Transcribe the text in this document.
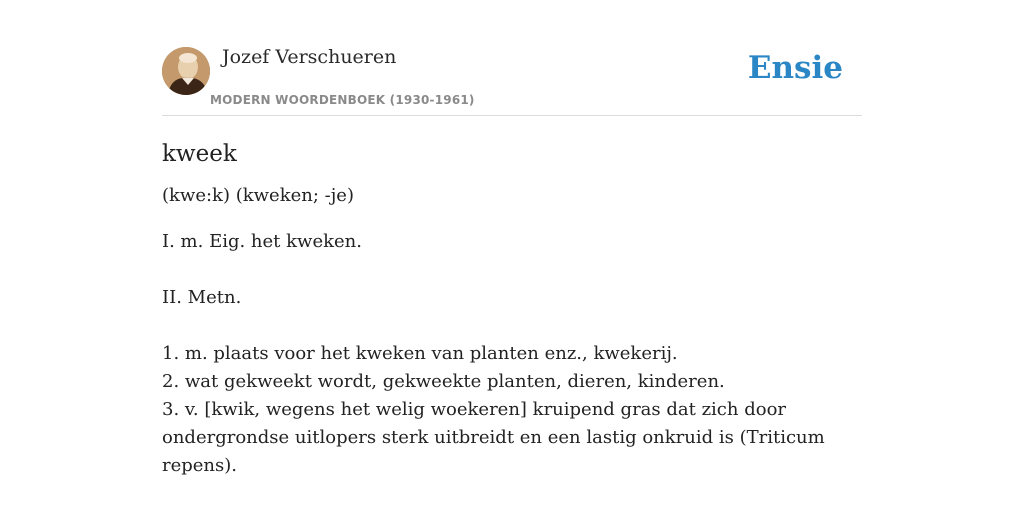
Jozef Verschueren
MODERN WOORDENBOEK (1930-1961)
Ensie
kweek

(kwe:k) (kweken; -je)

I. m. Eig. het kweken.
II. Metn.
1. m. plaats voor het kweken van planten enz., kwekerij.
2. wat gekweekt wordt, gekweekte planten, dieren, kinderen.
3. v. [kwik, wegens het welig woekeren] kruipend gras dat zich door ondergrondse uitlopers sterk uitbreidt en een lastig onkruid is (Triticum repens).
